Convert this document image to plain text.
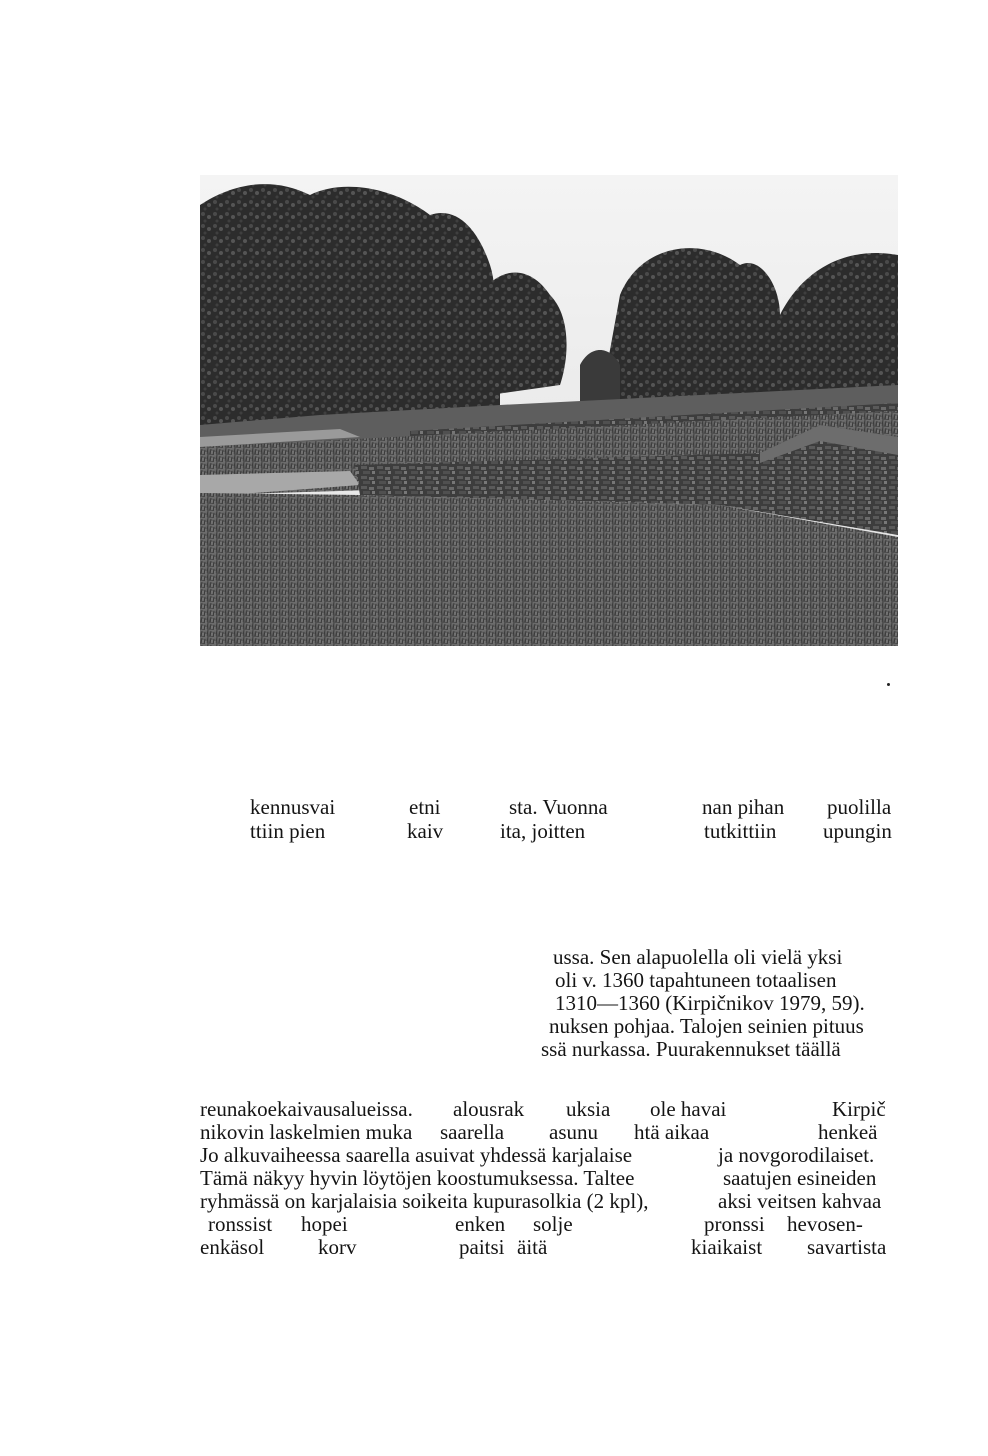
kennusvai	etni	sta. Vuonna	nan pihan puolilla
ttiin pien	kaiv	ita, joitten	tutkittiin upungin
ussa. Sen alapuolella oli vielä yksi
oli v. 1360 tapahtuneen totaalisen
1310—1360 (Kirpičnikov 1979, 59).
nuksen pohjaa. Talojen seinien pituus
ssä nurkassa. Puurakennukset täällä
reunakoekaivausalueissa. alousrak uksia ole havai	Kirpič
nikovin laskelmien muka saarella asunu htä aikaa	henkeä
Jo alkuvaiheessa saarella asuivat yhdessä karjalaise	ja novgorodilaiset.
Tämä näkyy hyvin löytöjen koostumuksessa. Taltee	saatujen esineiden
ryhmässä on karjalaisia soikeita kupurasolkia (2 kpl),	aksi veitsen kahvaa
ronssist hopei	enken solje	pronssi hevosen-
enkäsol	korv	paitsi äitä	kiaikaist savartista
